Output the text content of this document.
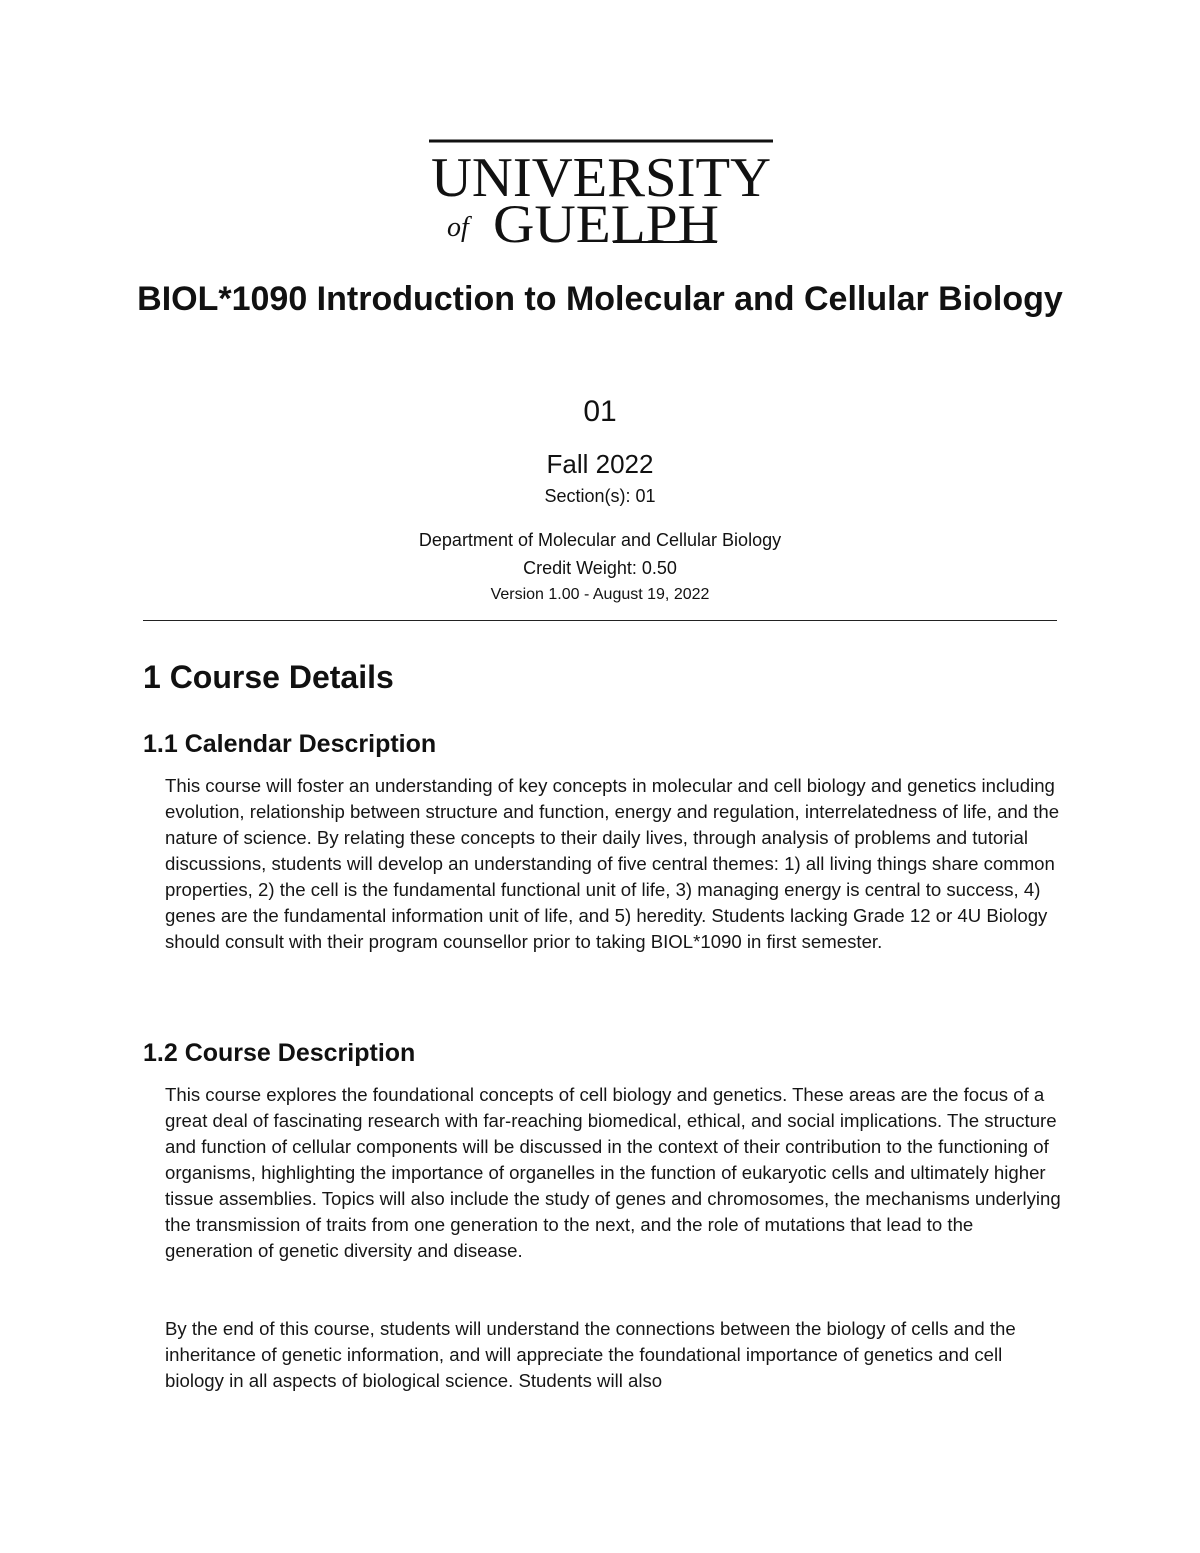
UNIVERSITY
of GUELPH
BIOL*1090 Introduction to Molecular and Cellular Biology
01
Fall 2022
Section(s): 01
Department of Molecular and Cellular Biology
Credit Weight: 0.50
Version 1.00 - August 19, 2022
1 Course Details
1.1 Calendar Description

This course will foster an understanding of key concepts in molecular and cell biology and genetics including evolution, relationship between structure and function, energy and regulation, interrelatedness of life, and the nature of science. By relating these concepts to their daily lives, through analysis of problems and tutorial discussions, students will develop an understanding of five central themes: 1) all living things share common properties, 2) the cell is the fundamental functional unit of life, 3) managing energy is central to success, 4) genes are the fundamental information unit of life, and 5) heredity. Students lacking Grade 12 or 4U Biology should consult with their program counsellor prior to taking BIOL*1090 in first semester.

1.2 Course Description

This course explores the foundational concepts of cell biology and genetics. These areas are the focus of a great deal of fascinating research with far-reaching biomedical, ethical, and social implications. The structure and function of cellular components will be discussed in the context of their contribution to the functioning of organisms, highlighting the importance of organelles in the function of eukaryotic cells and ultimately higher tissue assemblies. Topics will also include the study of genes and chromosomes, the mechanisms underlying the transmission of traits from one generation to the next, and the role of mutations that lead to the generation of genetic diversity and disease.

By the end of this course, students will understand the connections between the biology of cells and the inheritance of genetic information, and will appreciate the foundational importance of genetics and cell biology in all aspects of biological science. Students will also
